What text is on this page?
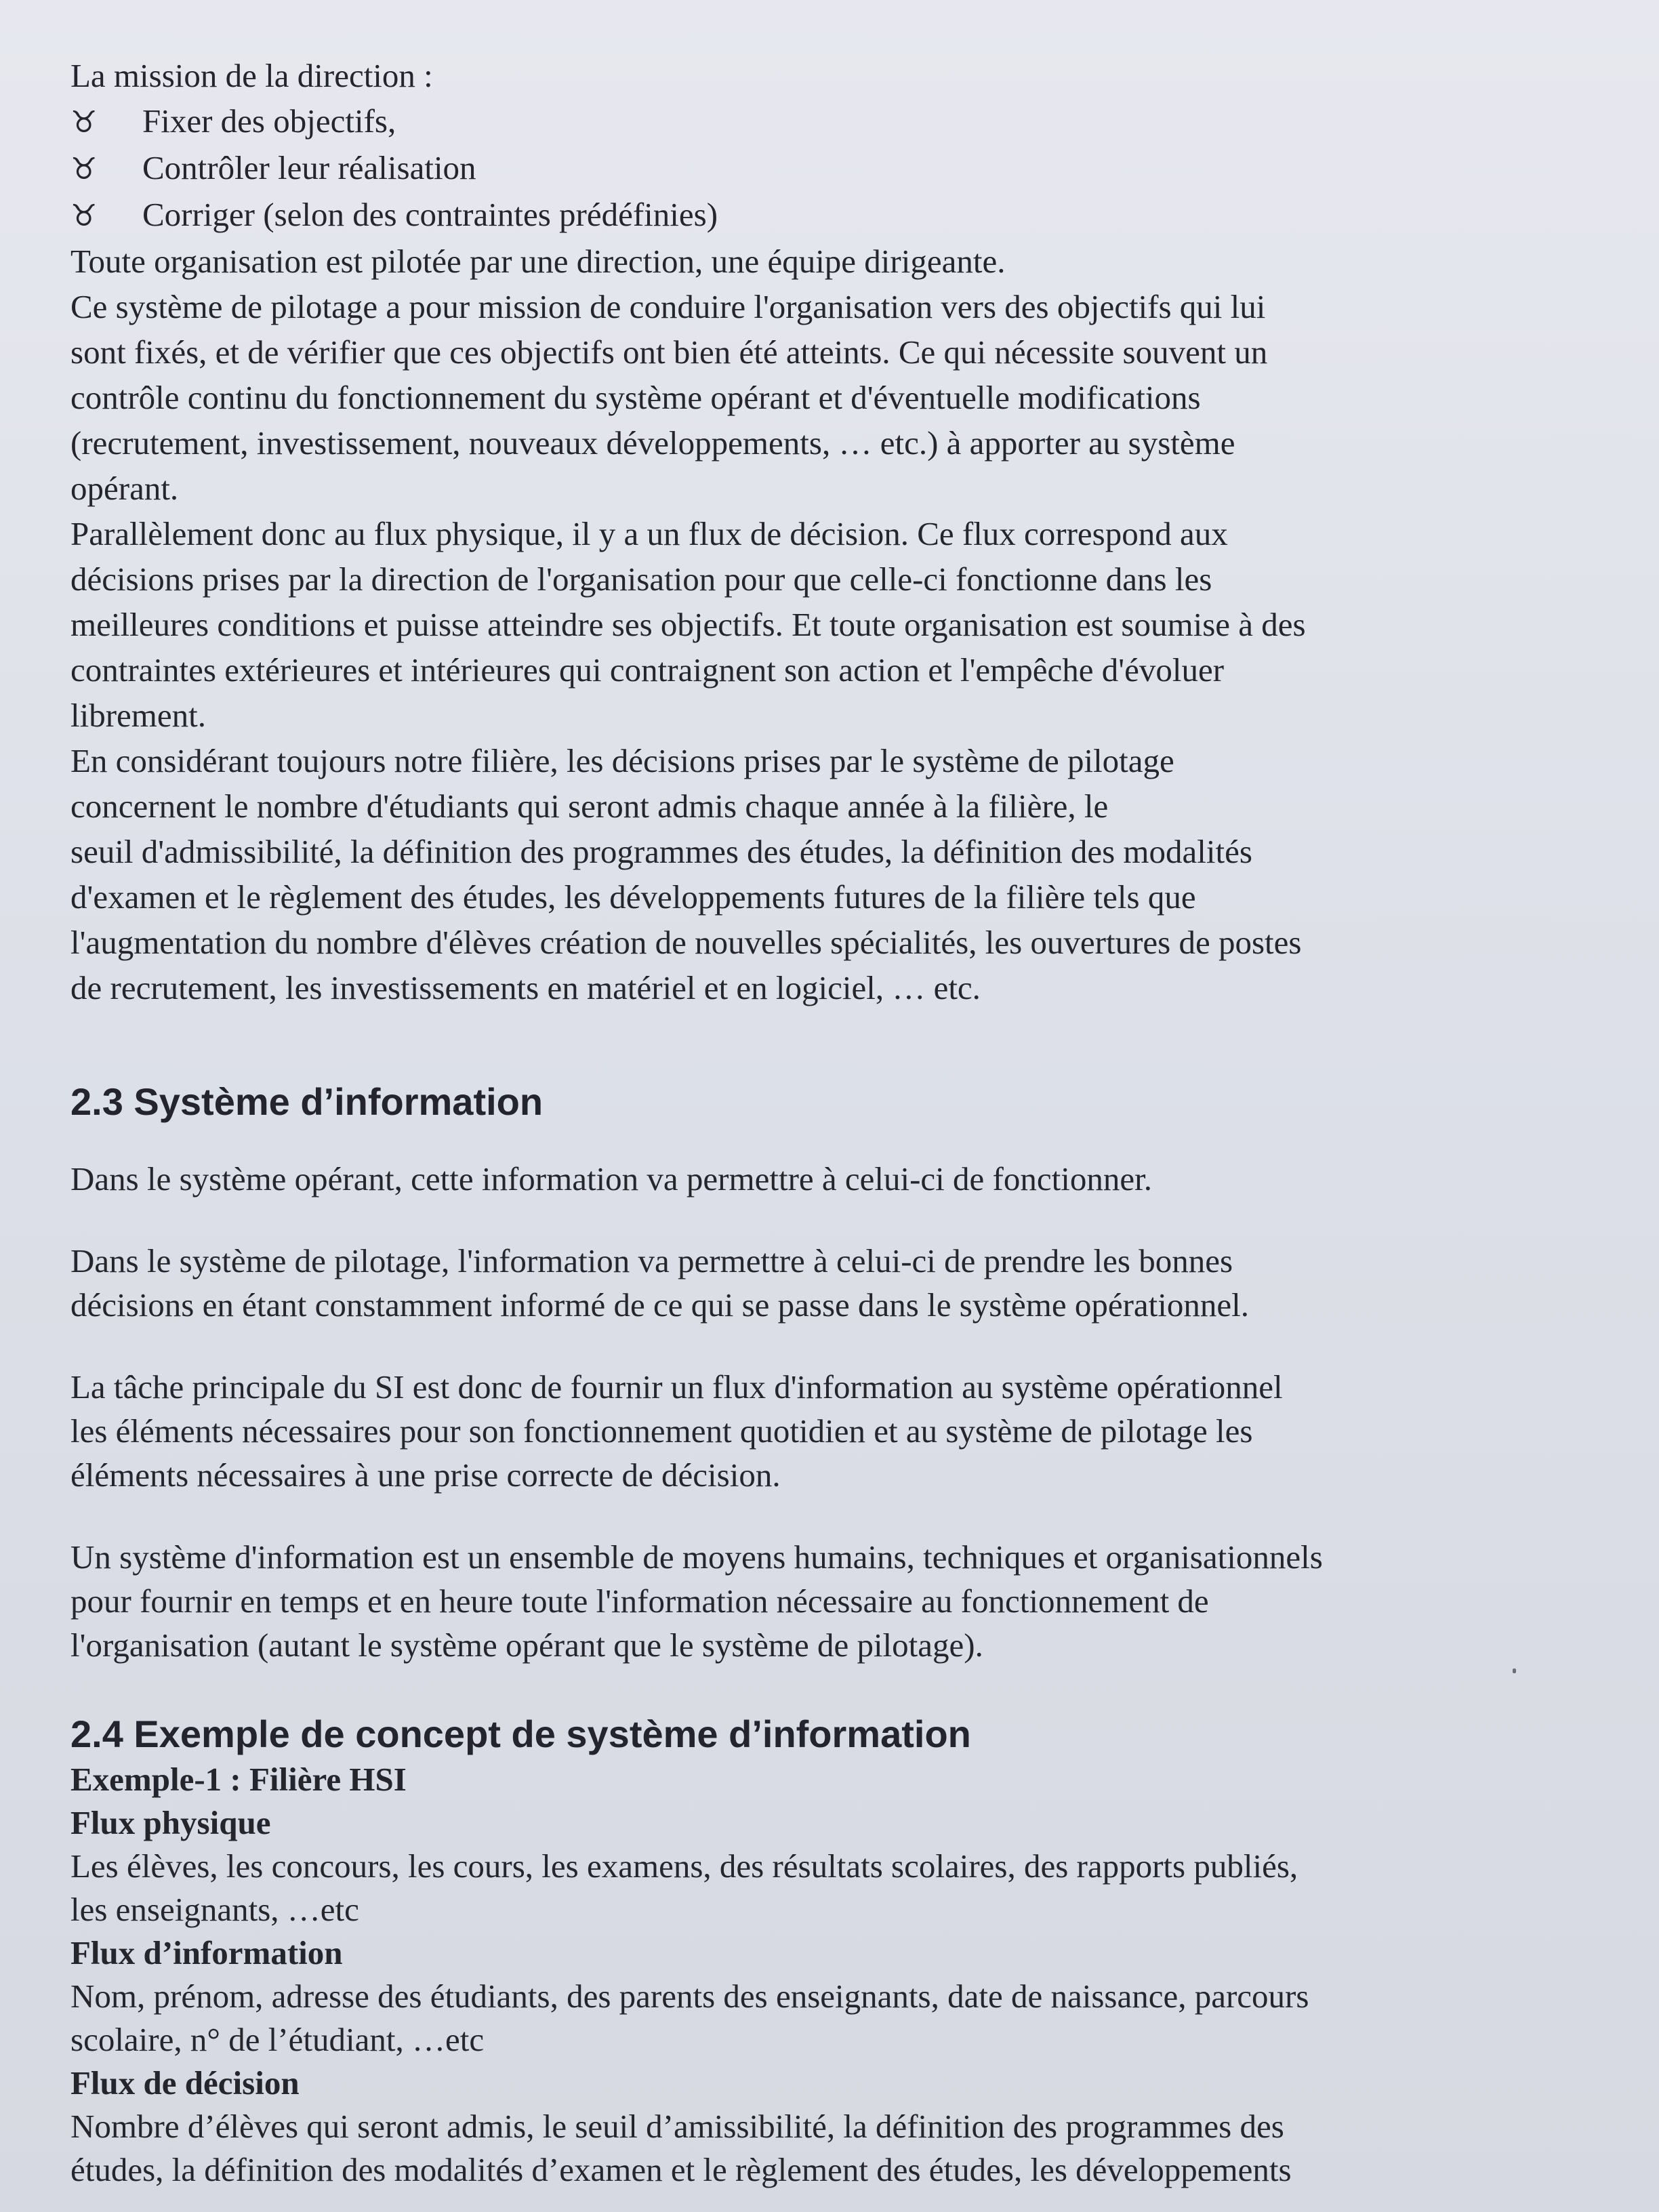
La mission de la direction :
♉	Fixer des objectifs,
♉	Contrôler leur réalisation
♉	Corriger (selon des contraintes prédéfinies)
Toute organisation est pilotée par une direction, une équipe dirigeante.
Ce système de pilotage a pour mission de conduire l'organisation vers des objectifs qui lui
sont fixés, et de vérifier que ces objectifs ont bien été atteints. Ce qui nécessite souvent un
contrôle continu du fonctionnement du système opérant et d'éventuelle modifications
(recrutement, investissement, nouveaux développements, … etc.) à apporter au système
opérant.
Parallèlement donc au flux physique, il y a un flux de décision. Ce flux correspond aux
décisions prises par la direction de l'organisation pour que celle-ci fonctionne dans les
meilleures conditions et puisse atteindre ses objectifs. Et toute organisation est soumise à des
contraintes extérieures et intérieures qui contraignent son action et l'empêche d'évoluer
librement.
En considérant toujours notre filière, les décisions prises par le système de pilotage
concernent le nombre d'étudiants qui seront admis chaque année à la filière, le
seuil d'admissibilité, la définition des programmes des études, la définition des modalités
d'examen et le règlement des études, les développements futures de la filière tels que
l'augmentation du nombre d'élèves création de nouvelles spécialités, les ouvertures de postes
de recrutement, les investissements en matériel et en logiciel, … etc.
2.3 Système d’information
Dans le système opérant, cette information va permettre à celui-ci de fonctionner.
Dans le système de pilotage, l'information va permettre à celui-ci de prendre les bonnes
décisions en étant constamment informé de ce qui se passe dans le système opérationnel.
La tâche principale du SI est donc de fournir un flux d'information au système opérationnel
les éléments nécessaires pour son fonctionnement quotidien et au système de pilotage les
éléments nécessaires à une prise correcte de décision.
Un système d'information est un ensemble de moyens humains, techniques et organisationnels
pour fournir en temps et en heure toute l'information nécessaire au fonctionnement de
l'organisation (autant le système opérant que le système de pilotage).
2.4 Exemple de concept de système d’information
Exemple-1 : Filière HSI
Flux physique
Les élèves, les concours, les cours, les examens, des résultats scolaires, des rapports publiés,
les enseignants, …etc
Flux d’information
Nom, prénom, adresse des étudiants, des parents des enseignants, date de naissance, parcours
scolaire, n° de l’étudiant, …etc
Flux de décision
Nombre d’élèves qui seront admis, le seuil d’amissibilité, la définition des programmes des
études, la définition des modalités d’examen et le règlement des études, les développements
